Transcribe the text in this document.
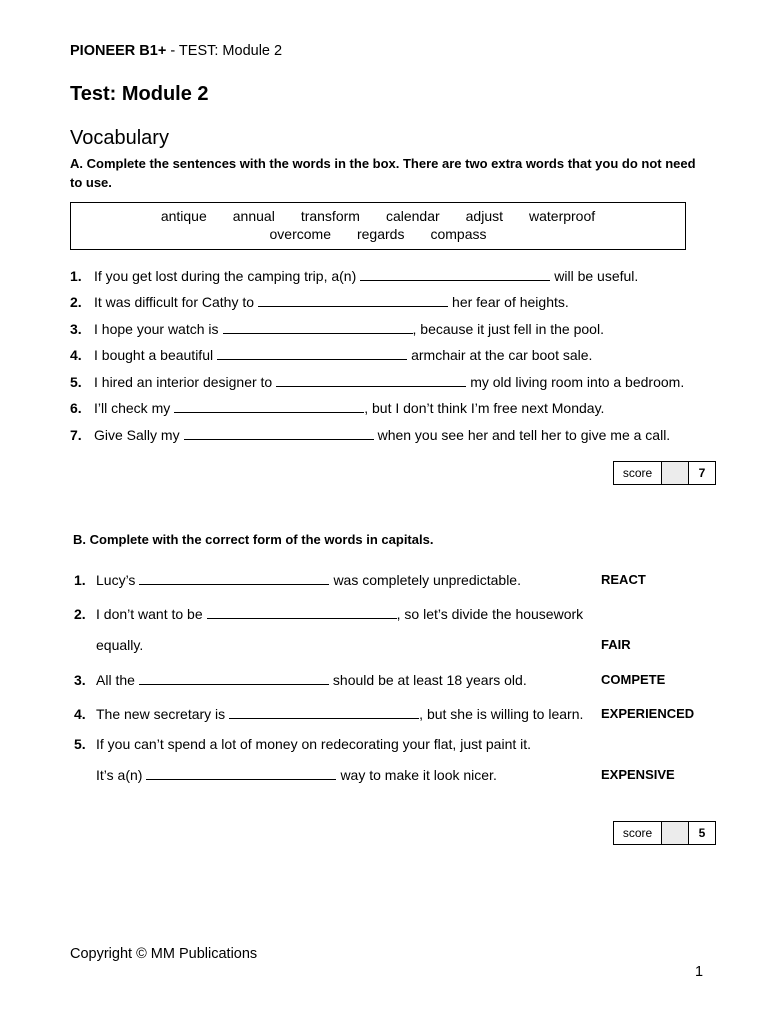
PIONEER B1+ - TEST: Module 2
Test: Module 2
Vocabulary
A. Complete the sentences with the words in the box. There are two extra words that you do not need to use.
antique annual transform calendar adjust waterproof
overcome regards compass
1. If you get lost during the camping trip, a(n)	will be useful.
2. It was difficult for Cathy to	her fear of heights.
3. I hope your watch is	, because it just fell in the pool.
4. I bought a beautiful	armchair at the car boot sale.
5. I hired an interior designer to	my old living room into a bedroom.
6. I’ll check my	, but I don’t think I’m free next Monday.
7. Give Sally my	when you see her and tell her to give me a call.
score	7
B. Complete with the correct form of the words in capitals.
1. Lucy’s	was completely unpredictable.	REACT
2. I don’t want to be	, so let’s divide the housework
equally.	FAIR
3. All the	should be at least 18 years old.	COMPETE
4. The new secretary is	, but she is willing to learn. EXPERIENCED
5. If you can’t spend a lot of money on redecorating your flat, just paint it.
It’s a(n)	way to make it look nicer.	EXPENSIVE
score	5
Copyright © MM Publications
1
